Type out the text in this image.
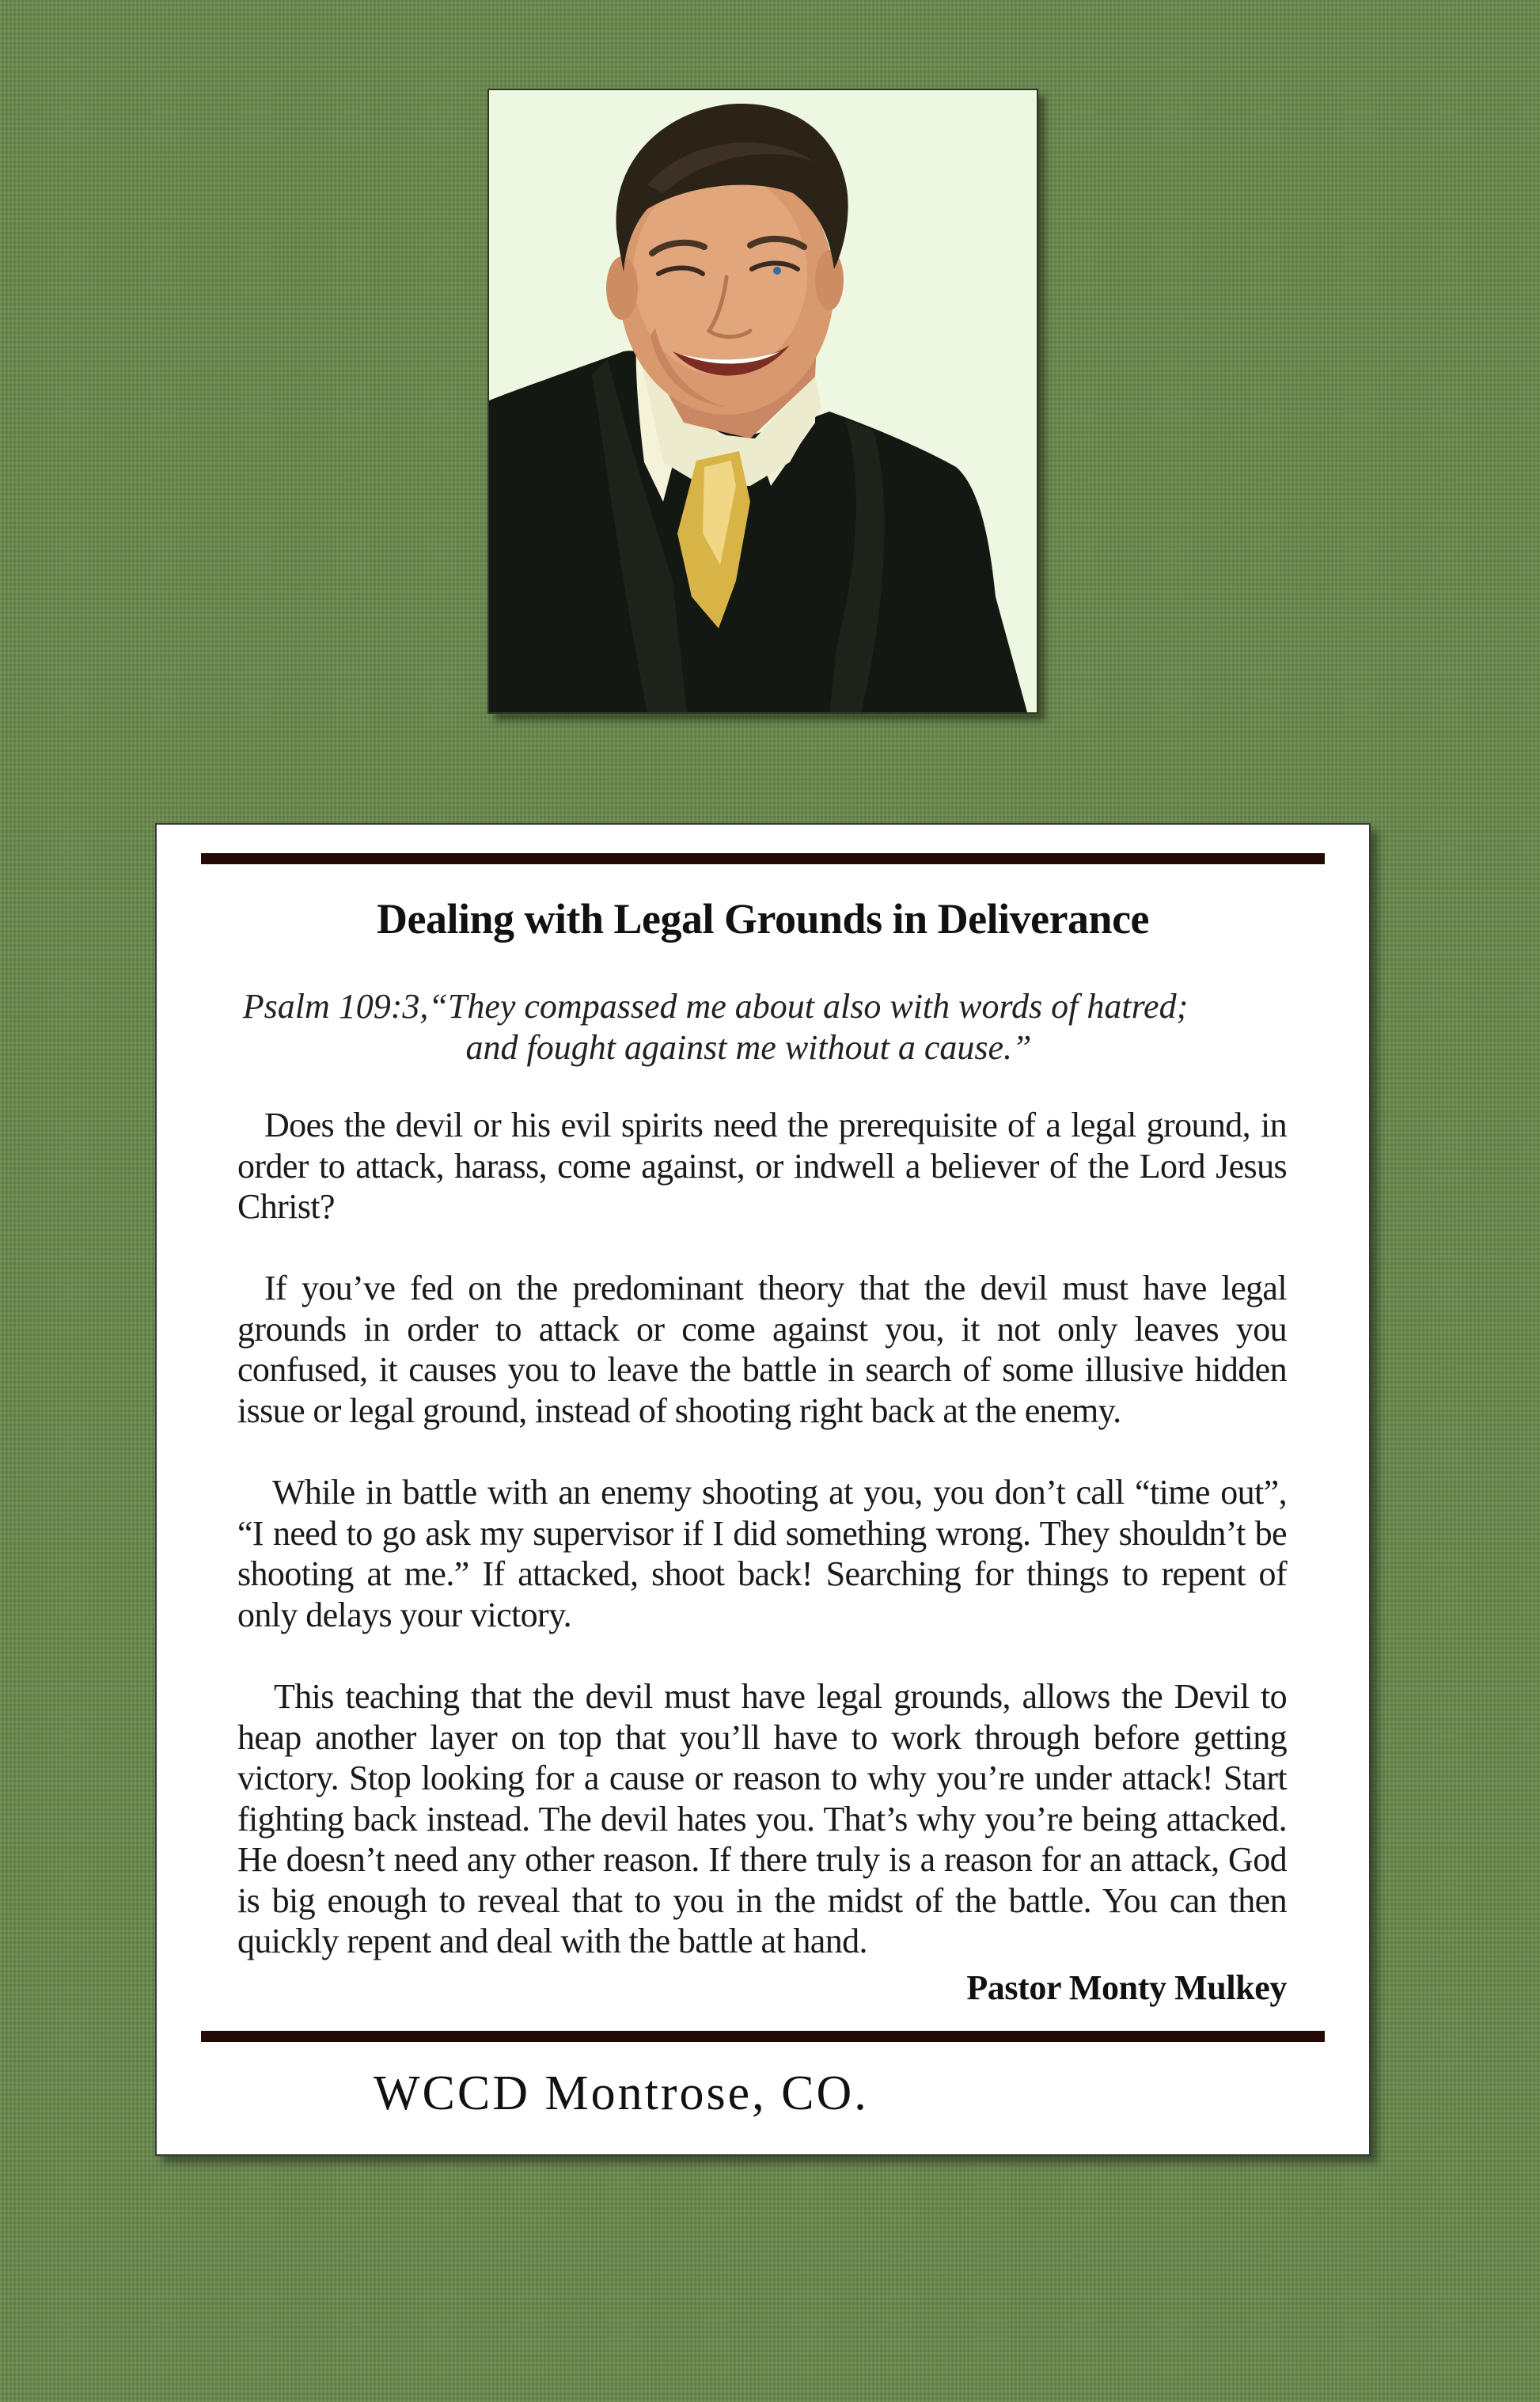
Dealing with Legal Grounds in Deliverance
Psalm 109:3,“They compassed me about also with words of hatred;
and fought against me without a cause.”

Does the devil or his evil spirits need the prerequisite of a legal ground, in order to attack, harass, come against, or indwell a believer of the Lord Jesus Christ?

If you’ve fed on the predominant theory that the devil must have legal grounds in order to attack or come against you, it not only leaves you confused, it causes you to leave the battle in search of some illusive hidden issue or legal ground, instead of shooting right back at the enemy.

While in battle with an enemy shooting at you, you don’t call “time out”, “I need to go ask my supervisor if I did something wrong. They shouldn’t be shooting at me.” If attacked, shoot back! Searching for things to repent of only delays your victory.

This teaching that the devil must have legal grounds, allows the Devil to heap another layer on top that you’ll have to work through before getting victory. Stop looking for a cause or reason to why you’re under attack! Start fighting back instead. The devil hates you. That’s why you’re being attacked. He doesn’t need any other reason. If there truly is a reason for an attack, God is big enough to reveal that to you in the midst of the battle. You can then quickly repent and deal with the battle at hand.

Pastor Monty Mulkey
WCCD Montrose, CO.
